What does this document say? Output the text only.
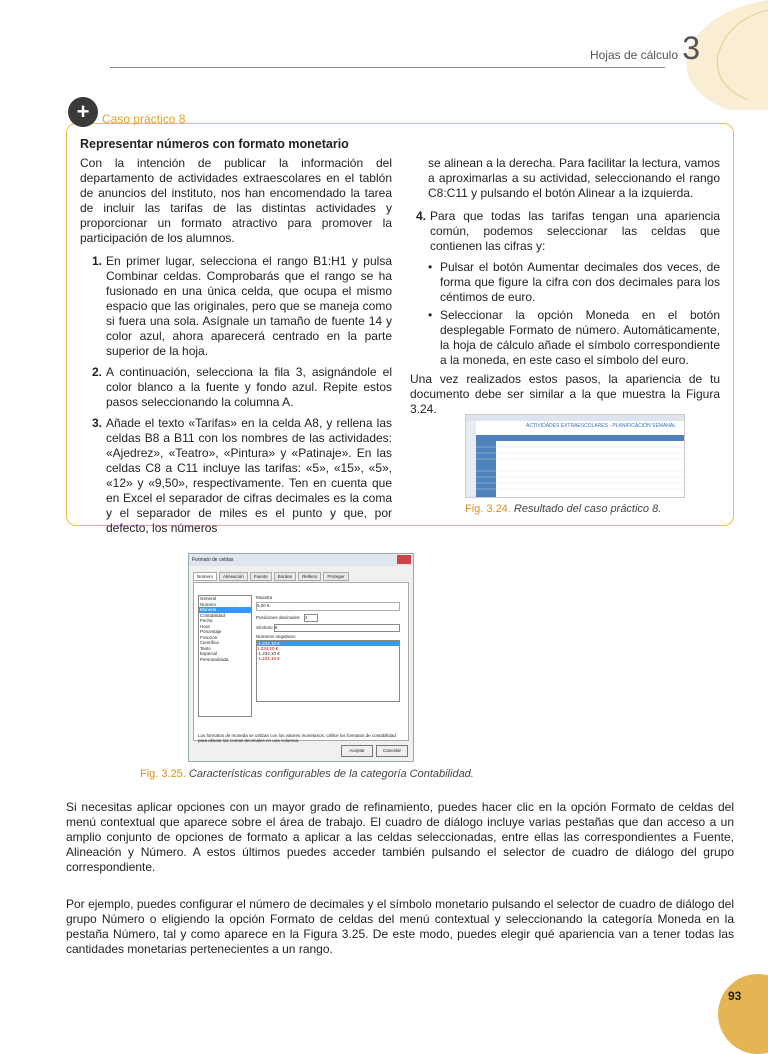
Hojas de cálculo 3
+	Caso práctico 8
Representar números con formato monetario

Con la intención de publicar la información del departamento de actividades extraescolares en el tablón de anuncios del instituto, nos han encomendado la tarea de incluir las tarifas de las distintas actividades y proporcionar un formato atractivo para promover la participación de los alumnos.

1. En primer lugar, selecciona el rango B1:H1 y pulsa Combinar celdas. Comprobarás que el rango se ha fusionado en una única celda, que ocupa el mismo espacio que las originales, pero que se maneja como si fuera una sola. Asígnale un tamaño de fuente 14 y color azul, ahora aparecerá centrado en la parte superior de la hoja.
2. A continuación, selecciona la fila 3, asignándole el color blanco a la fuente y fondo azul. Repite estos pasos seleccionando la columna A.
3. Añade el texto «Tarifas» en la celda A8, y rellena las celdas B8 a B11 con los nombres de las actividades: «Ajedrez», «Teatro», «Pintura» y «Patinaje». En las celdas C8 a C11 incluye las tarifas: «5», «15», «5», «12» y «9,50», respectivamente. Ten en cuenta que en Excel el separador de cifras decimales es la coma y el separador de miles es el punto y que, por defecto, los números

se alinean a la derecha. Para facilitar la lectura, vamos a aproximarlas a su actividad, seleccionando el rango C8:C11 y pulsando el botón Alinear a la izquierda.

4. Para que todas las tarifas tengan una apariencia común, podemos seleccionar las celdas que contienen las cifras y:
• Pulsar el botón Aumentar decimales dos veces, de forma que figure la cifra con dos decimales para los céntimos de euro.
• Seleccionar la opción Moneda en el botón desplegable Formato de número. Automáticamente, la hoja de cálculo añade el símbolo correspondiente a la moneda, en este caso el símbolo del euro.

Una vez realizados estos pasos, la apariencia de tu documento debe ser similar a la que muestra la Figura 3.24.

ACTIVIDADES EXTRAESCOLARES - PLANIFICACIÓN SEMANAL
Fig. 3.24. Resultado del caso práctico 8.
Formato de celdas
Número	Alineación	Fuente	Bordes	Relleno	Proteger
General
Número
Moneda
Contabilidad
Fecha
Hora
Porcentaje
Fracción
Científica
Texto
Especial
Personalizada
Muestra
5,00 €
Posiciones decimales: 2
Símbolo: €
Números negativos:
-1.234,10 €
1.234,10 €
-1.234,10 €
-1.234,10 €
Los formatos de moneda se utilizan con los valores monetarios. Utilice los formatos de contabilidad para alinear las comas decimales en una columna.
Aceptar	Cancelar
Fig. 3.25. Características configurables de la categoría Contabilidad.
Si necesitas aplicar opciones con un mayor grado de refinamiento, puedes hacer clic en la opción Formato de celdas del menú contextual que aparece sobre el área de trabajo. El cuadro de diálogo incluye varias pestañas que dan acceso a un amplio conjunto de opciones de formato a aplicar a las celdas seleccionadas, entre ellas las correspondientes a Fuente, Alineación y Número. A estos últimos puedes acceder también pulsando el selector de cuadro de diálogo del grupo correspondiente.
Por ejemplo, puedes configurar el número de decimales y el símbolo monetario pulsando el selector de cuadro de diálogo del grupo Número o eligiendo la opción Formato de celdas del menú contextual y seleccionando la categoría Moneda en la pestaña Número, tal y como aparece en la Figura 3.25. De este modo, puedes elegir qué apariencia van a tener todas las cantidades monetarias pertenecientes a un rango.
93
